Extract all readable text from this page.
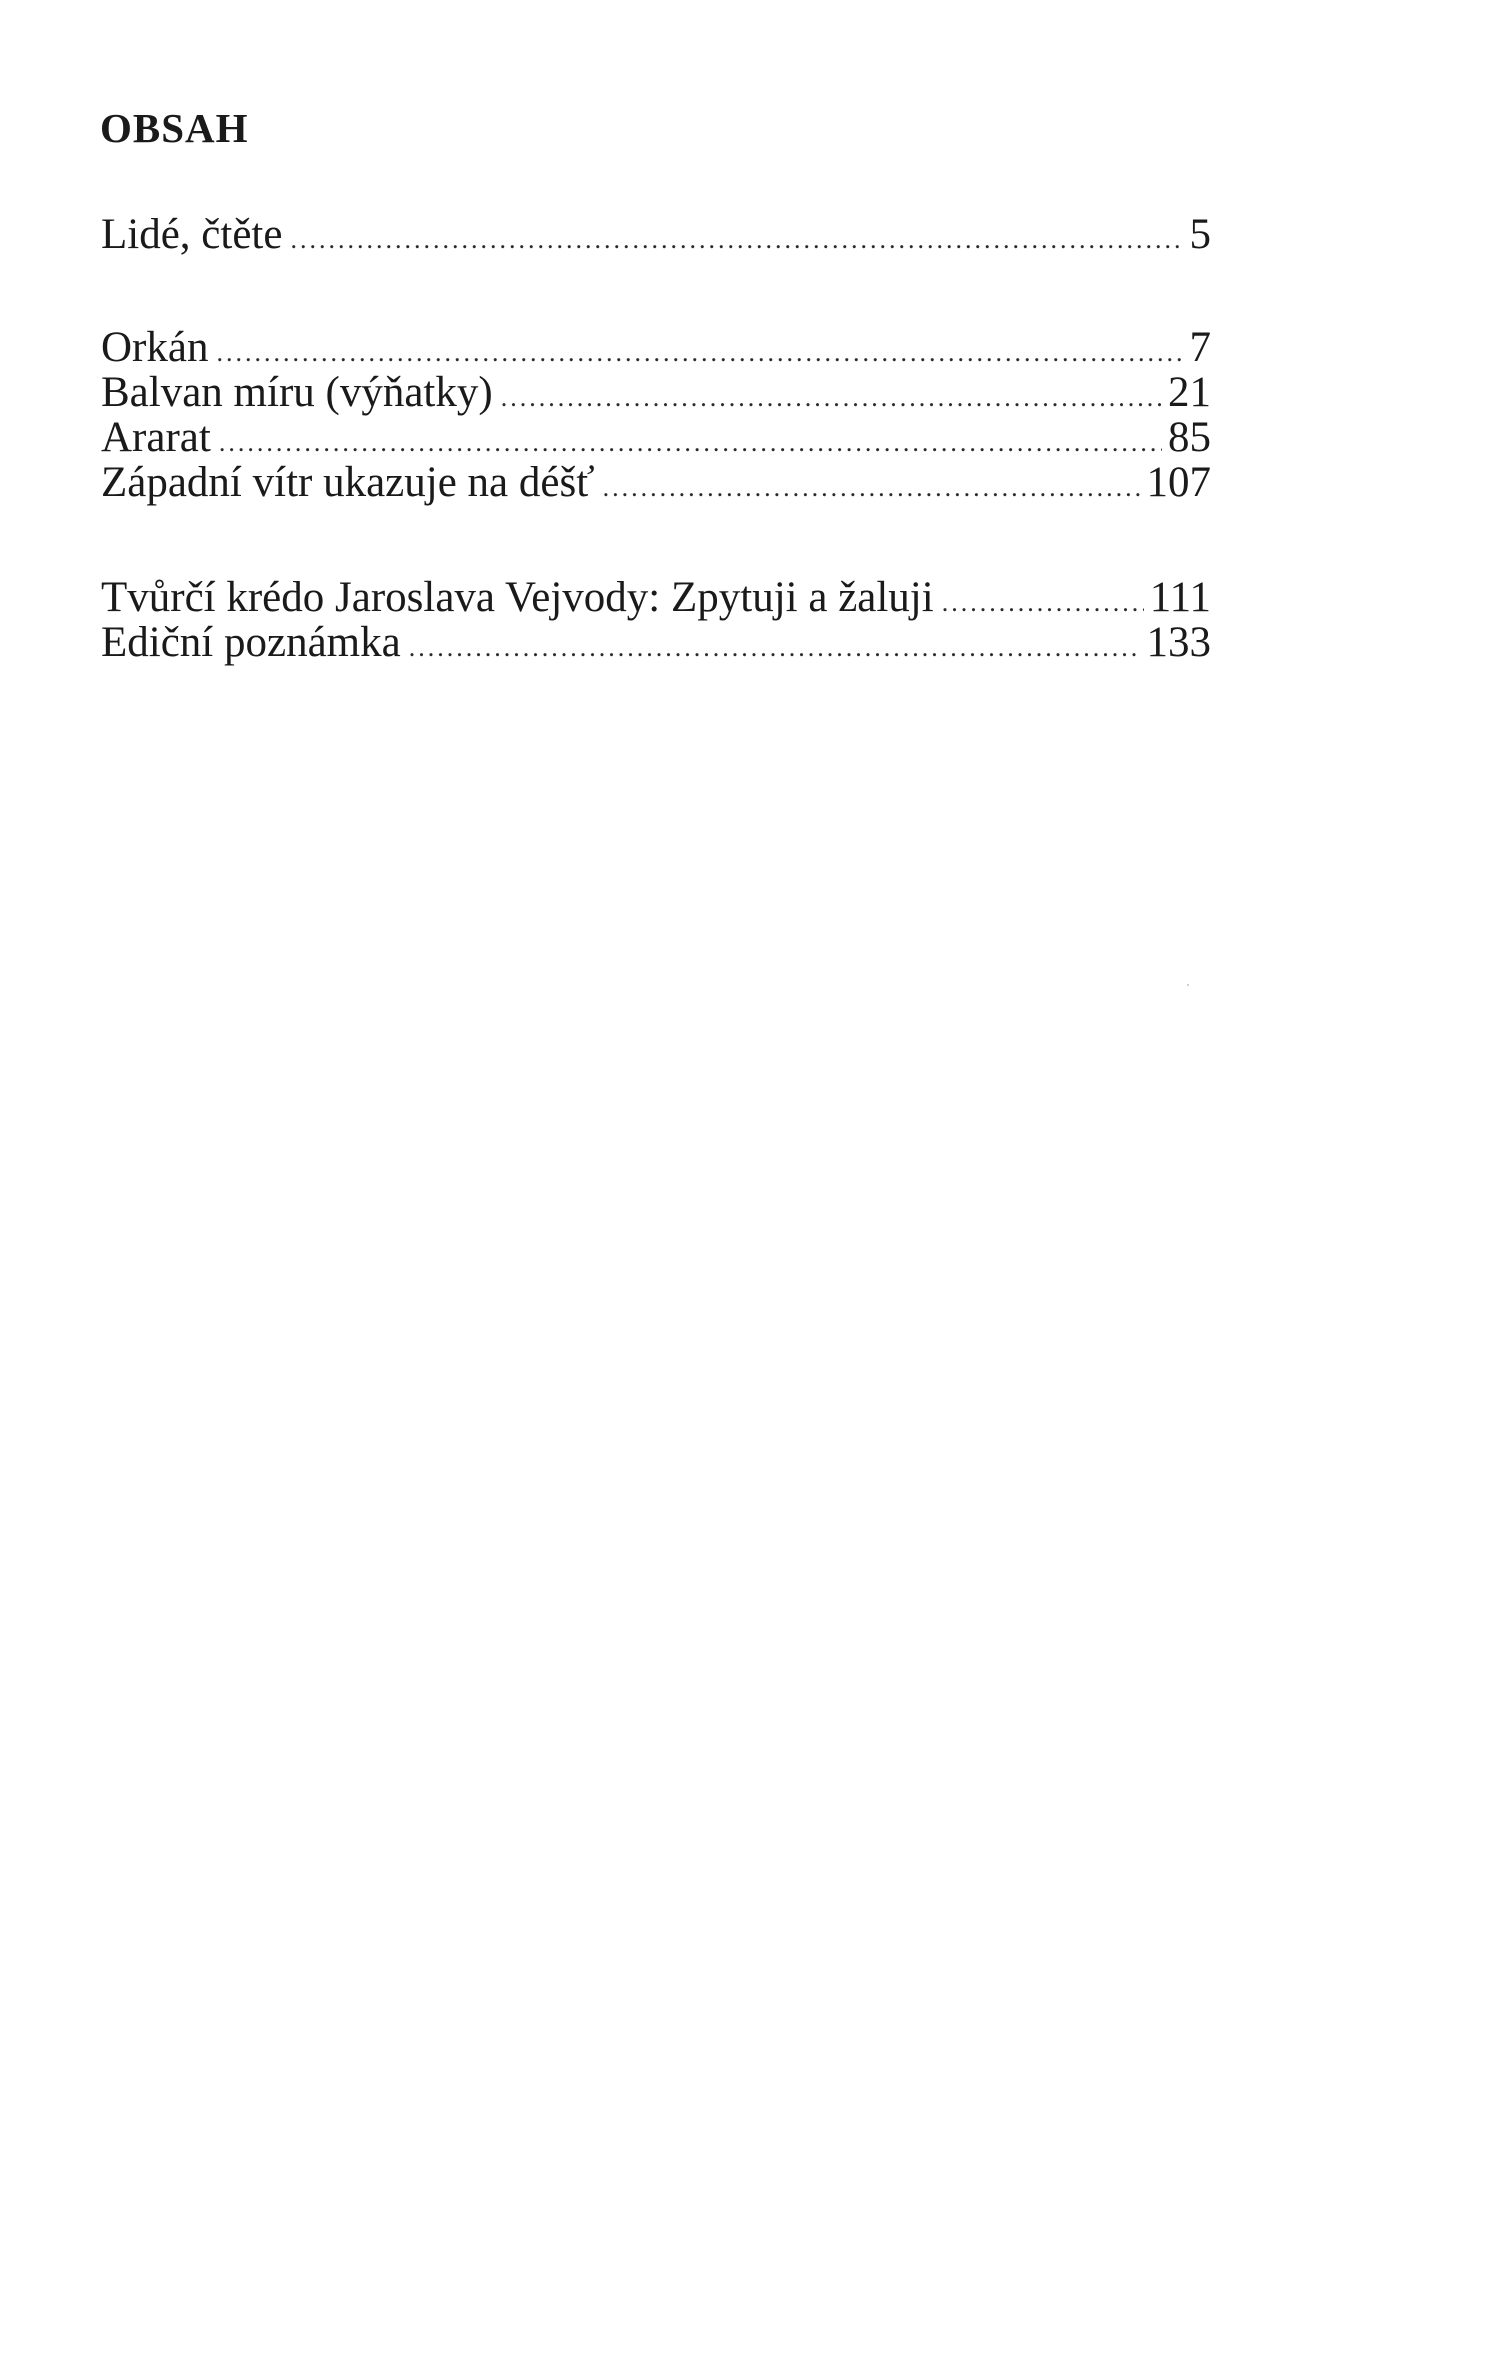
OBSAH
Lidé, čtěte .....	5
Orkán .....	7
Balvan míru (výňatky) .....	21
Ararat .....	85
Západní vítr ukazuje na déšť .....	107
Tvůrčí krédo Jaroslava Vejvody: Zpytuji a žaluji .....	111
Ediční poznámka .....	133
